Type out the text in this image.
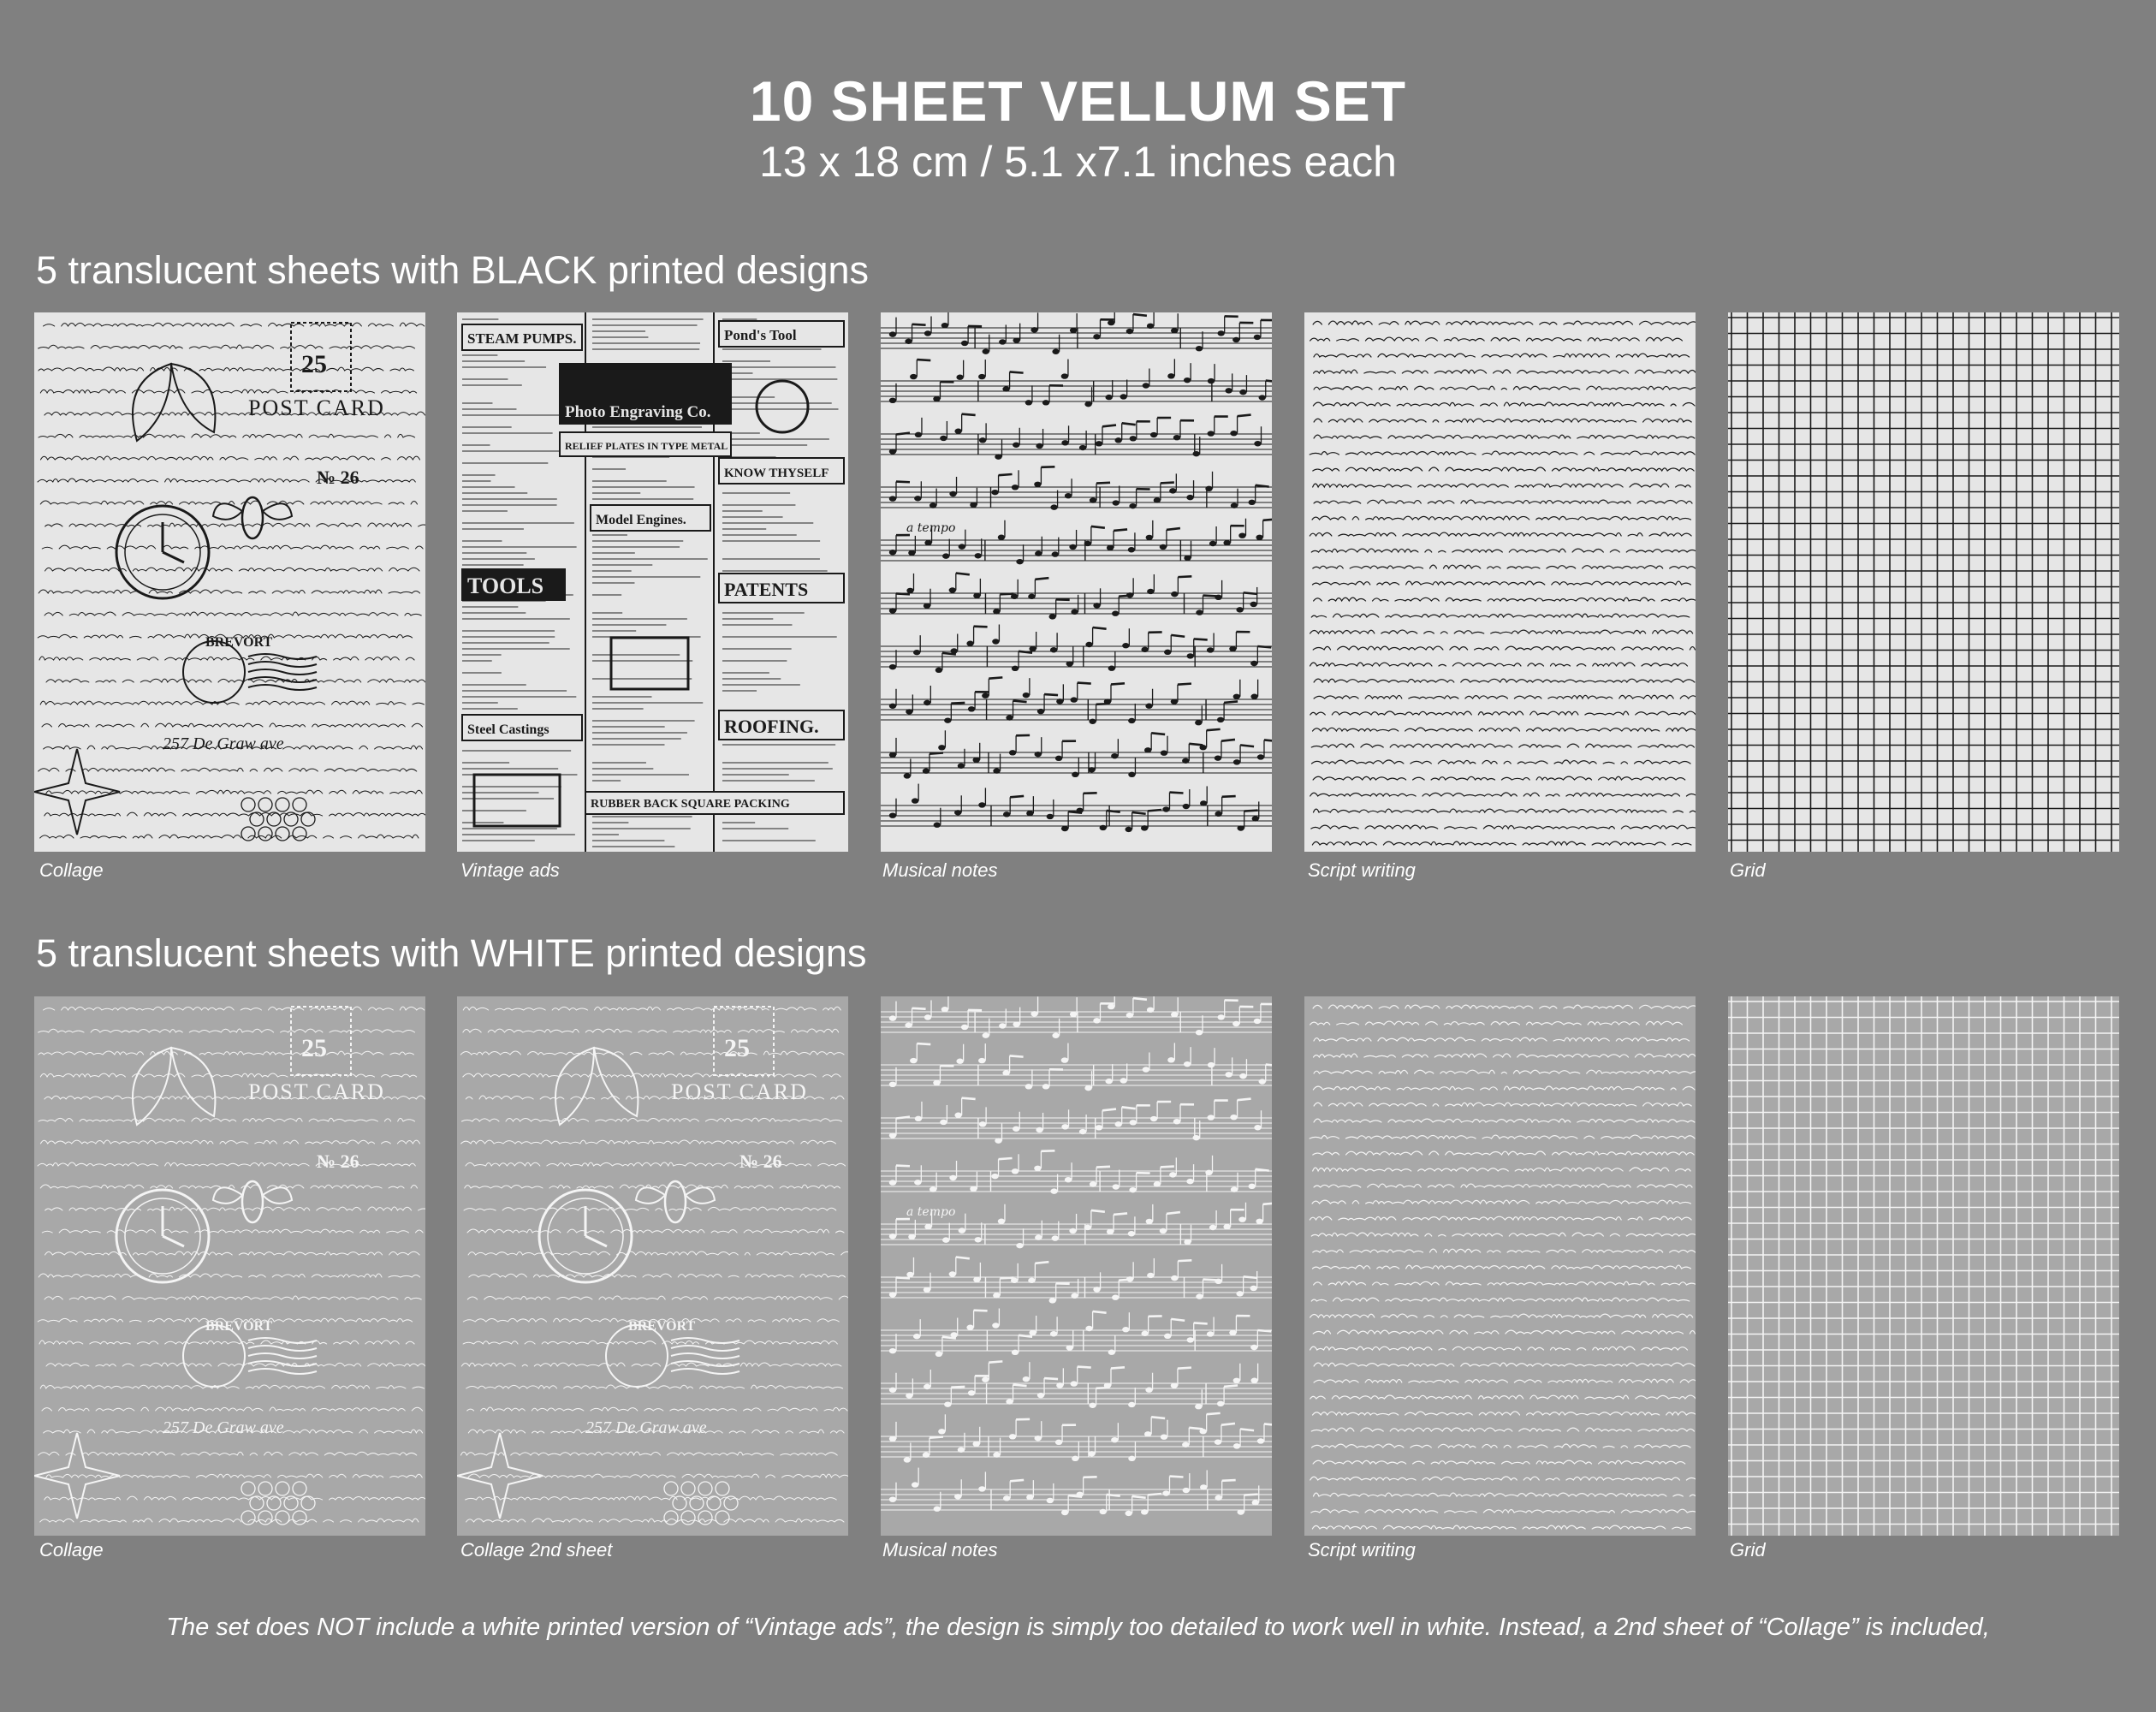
10 SHEET VELLUM SET
13 x 18 cm / 5.1 x7.1 inches each
5 translucent sheets with BLACK printed designs
5 translucent sheets with WHITE printed designs
25
POST CARD
№ 26
BREVORT
257 De Graw ave
STEAM PUMPS.	Pond's Tool
Photo Engraving Co.
RELIEF PLATES IN TYPE METAL
KNOW THYSELF
Model Engines.
TOOLS	PATENTS
Steel Castings	ROOFING.
RUBBER BACK SQUARE PACKING
a tempo
Collage	Vintage ads	Musical notes	Script writing	Grid
25
POST CARD
№ 26
BREVORT
257 De Graw ave
25
POST CARD
№ 26
BREVORT
257 De Graw ave
a tempo
Collage	Collage 2nd sheet	Musical notes	Script writing	Grid
The set does NOT include a white printed version of “Vintage ads”, the design is simply too detailed to work well in white. Instead, a 2nd sheet of “Collage” is included,
